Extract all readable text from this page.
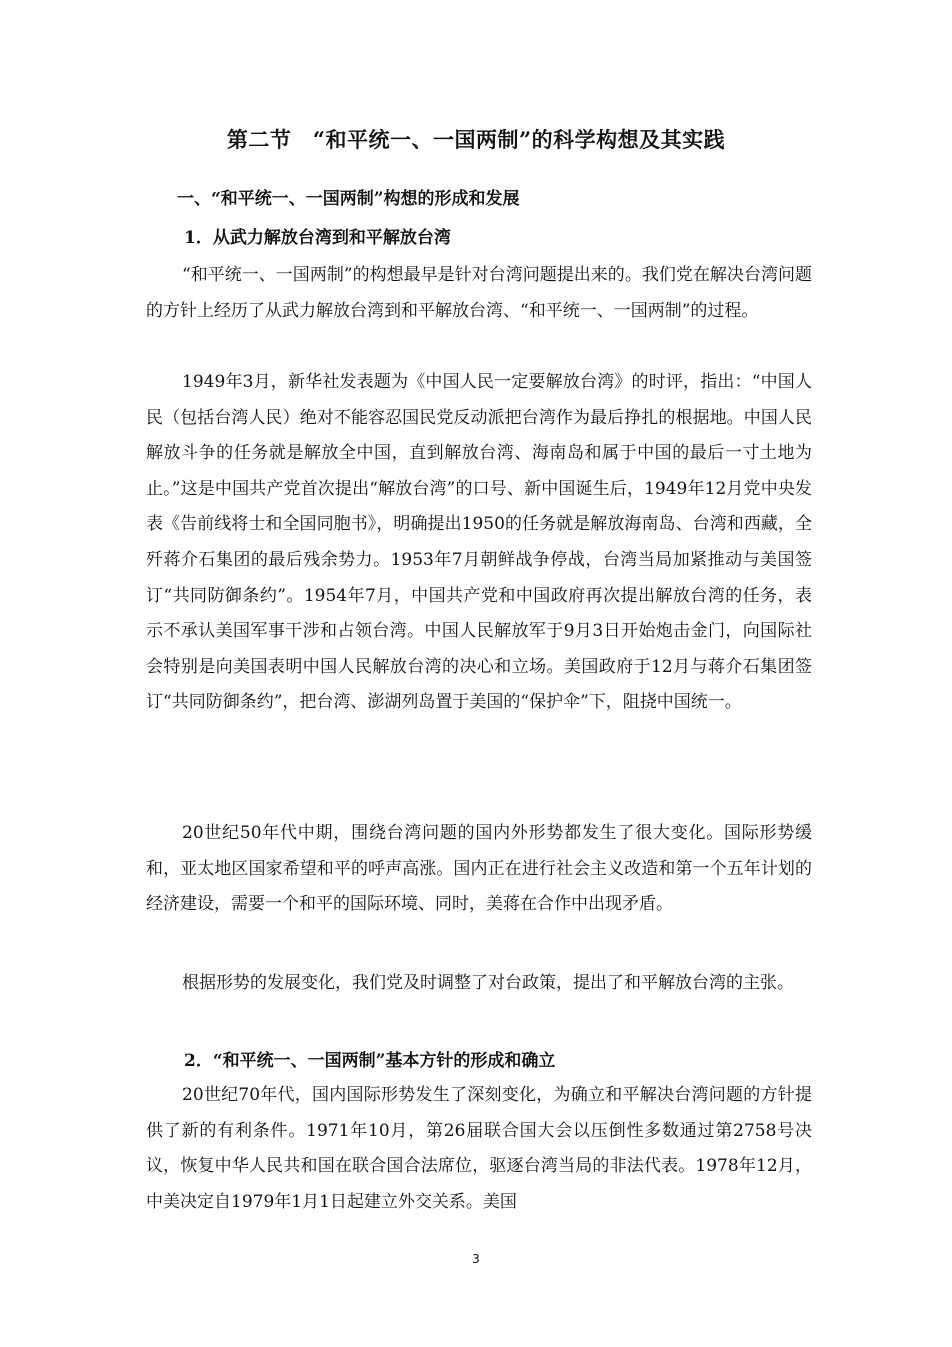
第二节　“和平统一、一国两制”的科学构想及其实践
一、“和平统一、一国两制”构想的形成和发展
1．从武力解放台湾到和平解放台湾

“和平统一、一国两制”的构想最早是针对台湾问题提出来的。我们党在解决台湾问题的方针上经历了从武力解放台湾到和平解放台湾、“和平统一、一国两制”的过程。

1949年3月，新华社发表题为《中国人民一定要解放台湾》的时评，指出：“中国人民（包括台湾人民）绝对不能容忍国民党反动派把台湾作为最后挣扎的根据地。中国人民解放斗争的任务就是解放全中国，直到解放台湾、海南岛和属于中国的最后一寸土地为止。”这是中国共产党首次提出“解放台湾”的口号、新中国诞生后，1949年12月党中央发表《告前线将士和全国同胞书》，明确提出1950的任务就是解放海南岛、台湾和西藏，全歼蒋介石集团的最后残余势力。1953年7月朝鲜战争停战，台湾当局加紧推动与美国签订“共同防御条约”。1954年7月，中国共产党和中国政府再次提出解放台湾的任务，表示不承认美国军事干涉和占领台湾。中国人民解放军于9月3日开始炮击金门，向国际社会特别是向美国表明中国人民解放台湾的决心和立场。美国政府于12月与蒋介石集团签订“共同防御条约”，把台湾、澎湖列岛置于美国的“保护伞”下，阻挠中国统一。

20世纪50年代中期，围绕台湾问题的国内外形势都发生了很大变化。国际形势缓和，亚太地区国家希望和平的呼声高涨。国内正在进行社会主义改造和第一个五年计划的经济建设，需要一个和平的国际环境、同时，美蒋在合作中出现矛盾。

根据形势的发展变化，我们党及时调整了对台政策，提出了和平解放台湾的主张。

2．“和平统一、一国两制”基本方针的形成和确立

20世纪70年代，国内国际形势发生了深刻变化，为确立和平解决台湾问题的方针提供了新的有利条件。1971年10月，第26届联合国大会以压倒性多数通过第2758号决议，恢复中华人民共和国在联合国合法席位，驱逐台湾当局的非法代表。1978年12月，中美决定自1979年1月1日起建立外交关系。美国

3
